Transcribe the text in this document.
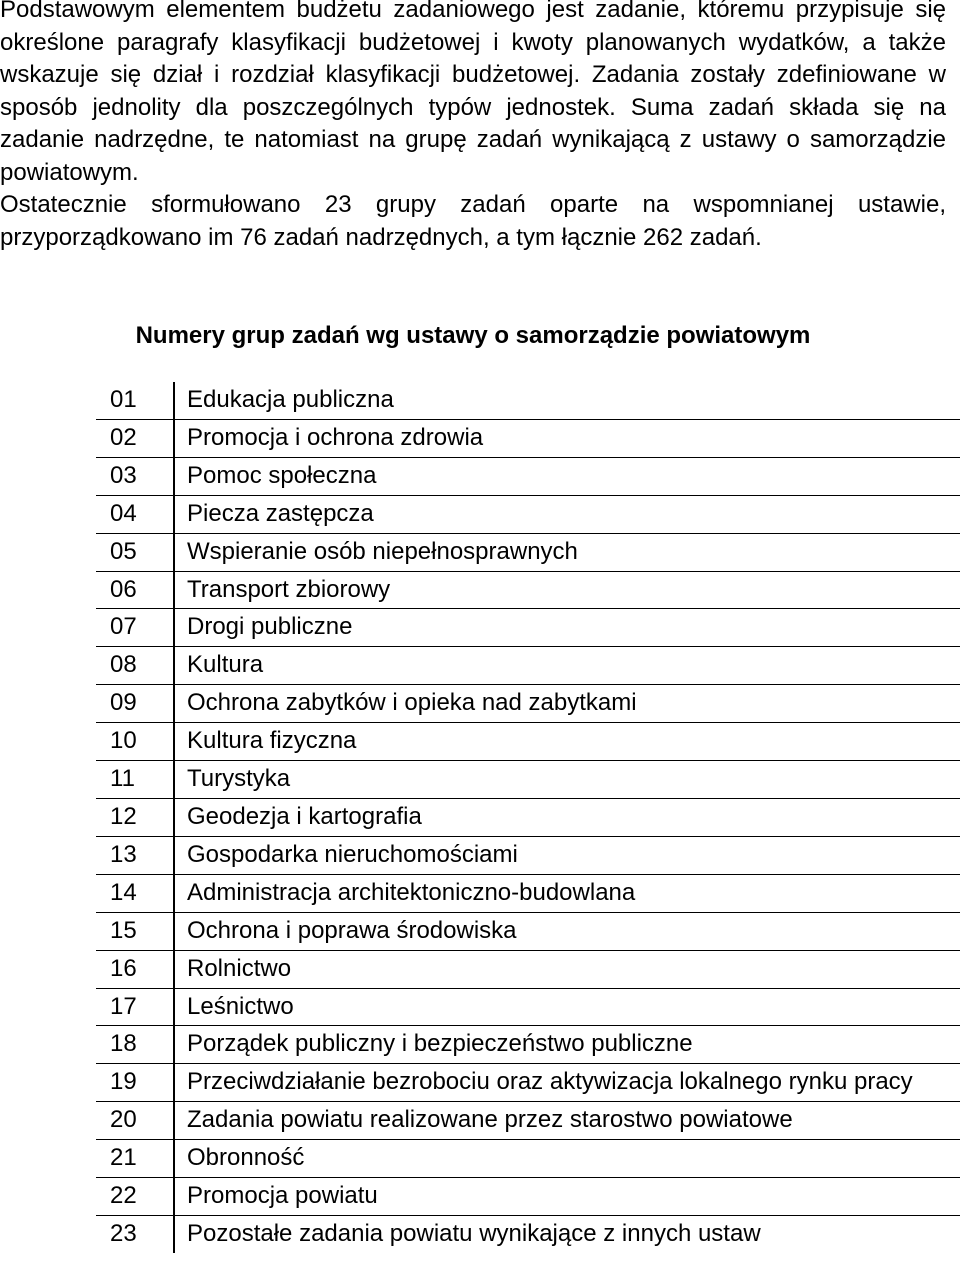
Podstawowym elementem budżetu zadaniowego jest zadanie, któremu przypisuje się określone paragrafy klasyfikacji budżetowej i kwoty planowanych wydatków, a także wskazuje się dział i rozdział klasyfikacji budżetowej. Zadania zostały zdefiniowane w sposób jednolity dla poszczególnych typów jednostek. Suma zadań składa się na zadanie nadrzędne, te natomiast na grupę zadań wynikającą z ustawy o samorządzie powiatowym.

Ostatecznie sformułowano 23 grupy zadań oparte na wspomnianej ustawie, przyporządkowano im 76 zadań nadrzędnych, a tym łącznie 262 zadań.

Numery grup zadań wg ustawy o samorządzie powiatowym
01	Edukacja publiczna
02	Promocja i ochrona zdrowia
03	Pomoc społeczna
04	Piecza zastępcza
05	Wspieranie osób niepełnosprawnych
06	Transport zbiorowy
07	Drogi publiczne
08	Kultura
09	Ochrona zabytków i opieka nad zabytkami
10	Kultura fizyczna
11	Turystyka
12	Geodezja i kartografia
13	Gospodarka nieruchomościami
14	Administracja architektoniczno-budowlana
15	Ochrona i poprawa środowiska
16	Rolnictwo
17	Leśnictwo
18	Porządek publiczny i bezpieczeństwo publiczne
19	Przeciwdziałanie bezrobociu oraz aktywizacja lokalnego rynku pracy
20	Zadania powiatu realizowane przez starostwo powiatowe
21	Obronność
22	Promocja powiatu
23	Pozostałe zadania powiatu wynikające z innych ustaw
